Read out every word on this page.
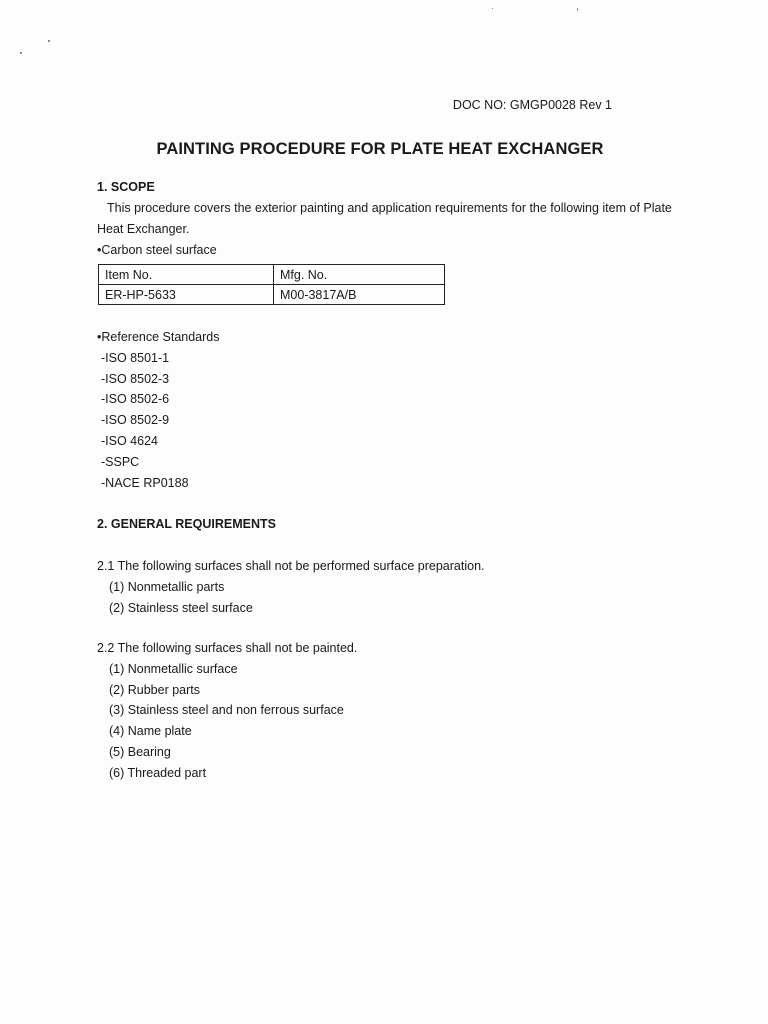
DOC NO: GMGP0028 Rev 1
PAINTING PROCEDURE FOR PLATE HEAT EXCHANGER
1. SCOPE
This procedure covers the exterior painting and application requirements for the following item of Plate Heat Exchanger.
•Carbon steel surface
Item No.	Mfg. No.
ER-HP-5633	M00-3817A/B
•Reference Standards
-ISO 8501-1
-ISO 8502-3
-ISO 8502-6
-ISO 8502-9
-ISO 4624
-SSPC
-NACE RP0188
2. GENERAL REQUIREMENTS
2.1 The following surfaces shall not be performed surface preparation.
(1) Nonmetallic parts
(2) Stainless steel surface
2.2 The following surfaces shall not be painted.
(1) Nonmetallic surface
(2) Rubber parts
(3) Stainless steel and non ferrous surface
(4) Name plate
(5) Bearing
(6) Threaded part
